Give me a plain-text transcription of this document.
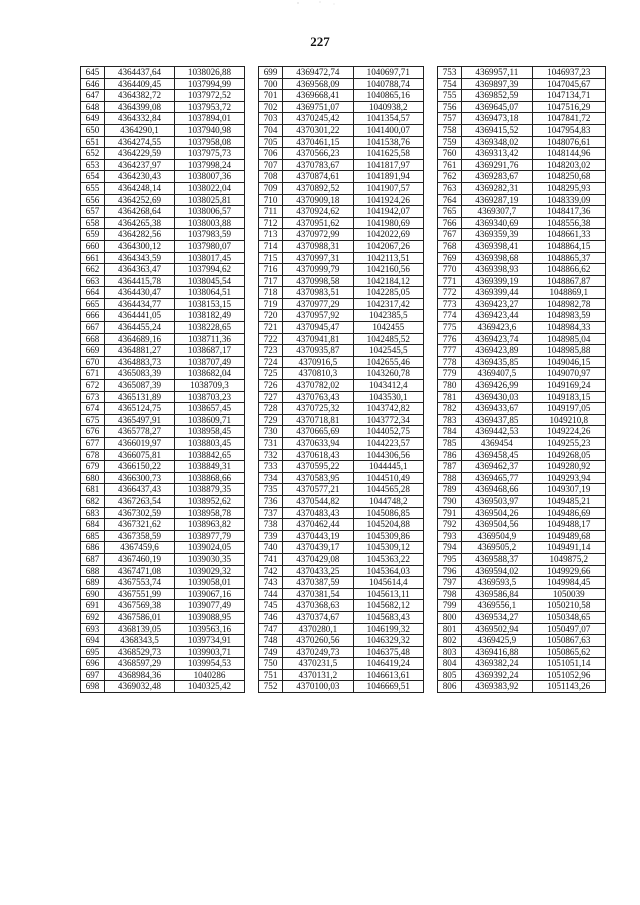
227
645	4364437,64	1038026,88
646	4364409,45	1037994,99
647	4364382,72	1037972,52
648	4364399,08	1037953,72
649	4364332,84	1037894,01
650	4364290,1	1037940,98
651	4364274,55	1037958,08
652	4364229,59	1037975,73
653	4364237,97	1037998,24
654	4364230,43	1038007,36
655	4364248,14	1038022,04
656	4364252,69	1038025,81
657	4364268,64	1038006,57
658	4364265,38	1038003,88
659	4364282,56	1037983,59
660	4364300,12	1037980,07
661	4364343,59	1038017,45
662	4364363,47	1037994,62
663	4364415,78	1038045,54
664	4364430,47	1038064,51
665	4364434,77	1038153,15
666	4364441,05	1038182,49
667	4364455,24	1038228,65
668	4364689,16	1038711,36
669	4364881,27	1038687,17
670	4364883,73	1038707,49
671	4365083,39	1038682,04
672	4365087,39	1038709,3
673	4365131,89	1038703,23
674	4365124,75	1038657,45
675	4365497,91	1038609,71
676	4365778,27	1038958,45
677	4366019,97	1038803,45
678	4366075,81	1038842,65
679	4366150,22	1038849,31
680	4366300,73	1038868,66
681	4366437,43	1038879,35
682	4367263,54	1038952,62
683	4367302,59	1038958,78
684	4367321,62	1038963,82
685	4367358,59	1038977,79
686	4367459,6	1039024,05
687	4367460,19	1039030,35
688	4367471,08	1039029,32
689	4367553,74	1039058,01
690	4367551,99	1039067,16
691	4367569,38	1039077,49
692	4367586,01	1039088,95
693	4368139,05	1039563,16
694	4368343,5	1039734,91
695	4368529,73	1039903,71
696	4368597,29	1039954,53
697	4368984,36	1040286
698	4369032,48	1040325,42
699	4369472,74	1040697,71
700	4369568,09	1040788,74
701	4369668,41	1040865,16
702	4369751,07	1040938,2
703	4370245,42	1041354,57
704	4370301,22	1041400,07
705	4370461,15	1041538,76
706	4370566,23	1041625,58
707	4370783,67	1041817,97
708	4370874,61	1041891,94
709	4370892,52	1041907,57
710	4370909,18	1041924,26
711	4370924,62	1041942,07
712	4370951,62	1041980,69
713	4370972,99	1042022,69
714	4370988,31	1042067,26
715	4370997,31	1042113,51
716	4370999,79	1042160,56
717	4370998,58	1042184,12
718	4370983,51	1042285,05
719	4370977,29	1042317,42
720	4370957,92	1042385,5
721	4370945,47	1042455
722	4370941,81	1042485,52
723	4370935,87	1042545,5
724	4370916,5	1042655,46
725	4370810,3	1043260,78
726	4370782,02	1043412,4
727	4370763,43	1043530,1
728	4370725,32	1043742,82
729	4370718,81	1043772,34
730	4370665,69	1044052,75
731	4370633,94	1044223,57
732	4370618,43	1044306,56
733	4370595,22	1044445,1
734	4370583,95	1044510,49
735	4370577,21	1044565,28
736	4370544,82	1044748,2
737	4370483,43	1045086,85
738	4370462,44	1045204,88
739	4370443,19	1045309,86
740	4370439,17	1045309,12
741	4370429,08	1045363,22
742	4370433,25	1045364,03
743	4370387,59	1045614,4
744	4370381,54	1045613,11
745	4370368,63	1045682,12
746	4370374,67	1045683,43
747	4370280,1	1046199,32
748	4370260,56	1046329,32
749	4370249,73	1046375,48
750	4370231,5	1046419,24
751	4370131,2	1046613,61
752	4370100,03	1046669,51
753	4369957,11	1046937,23
754	4369897,39	1047045,67
755	4369852,59	1047134,71
756	4369645,07	1047516,29
757	4369473,18	1047841,72
758	4369415,52	1047954,83
759	4369348,02	1048076,61
760	4369313,42	1048144,96
761	4369291,76	1048203,02
762	4369283,67	1048250,68
763	4369282,31	1048295,93
764	4369287,19	1048339,09
765	4369307,7	1048417,36
766	4369340,69	1048556,38
767	4369359,39	1048661,33
768	4369398,41	1048864,15
769	4369398,68	1048865,37
770	4369398,93	1048866,62
771	4369399,19	1048867,87
772	4369399,44	1048869,1
773	4369423,27	1048982,78
774	4369423,44	1048983,59
775	4369423,6	1048984,33
776	4369423,74	1048985,04
777	4369423,89	1048985,88
778	4369435,85	1049046,15
779	4369407,5	1049070,97
780	4369426,99	1049169,24
781	4369430,03	1049183,15
782	4369433,67	1049197,05
783	4369437,85	1049210,8
784	4369442,53	1049224,26
785	4369454	1049255,23
786	4369458,45	1049268,05
787	4369462,37	1049280,92
788	4369465,77	1049293,94
789	4369468,66	1049307,19
790	4369503,97	1049485,21
791	4369504,26	1049486,69
792	4369504,56	1049488,17
793	4369504,9	1049489,68
794	4369505,2	1049491,14
795	4369588,37	1049875,2
796	4369594,02	1049929,66
797	4369593,5	1049984,45
798	4369586,84	1050039
799	4369556,1	1050210,58
800	4369534,27	1050348,65
801	4369502,94	1050497,07
802	4369425,9	1050867,63
803	4369416,88	1050865,62
804	4369382,24	1051051,14
805	4369392,24	1051052,96
806	4369383,92	1051143,26
